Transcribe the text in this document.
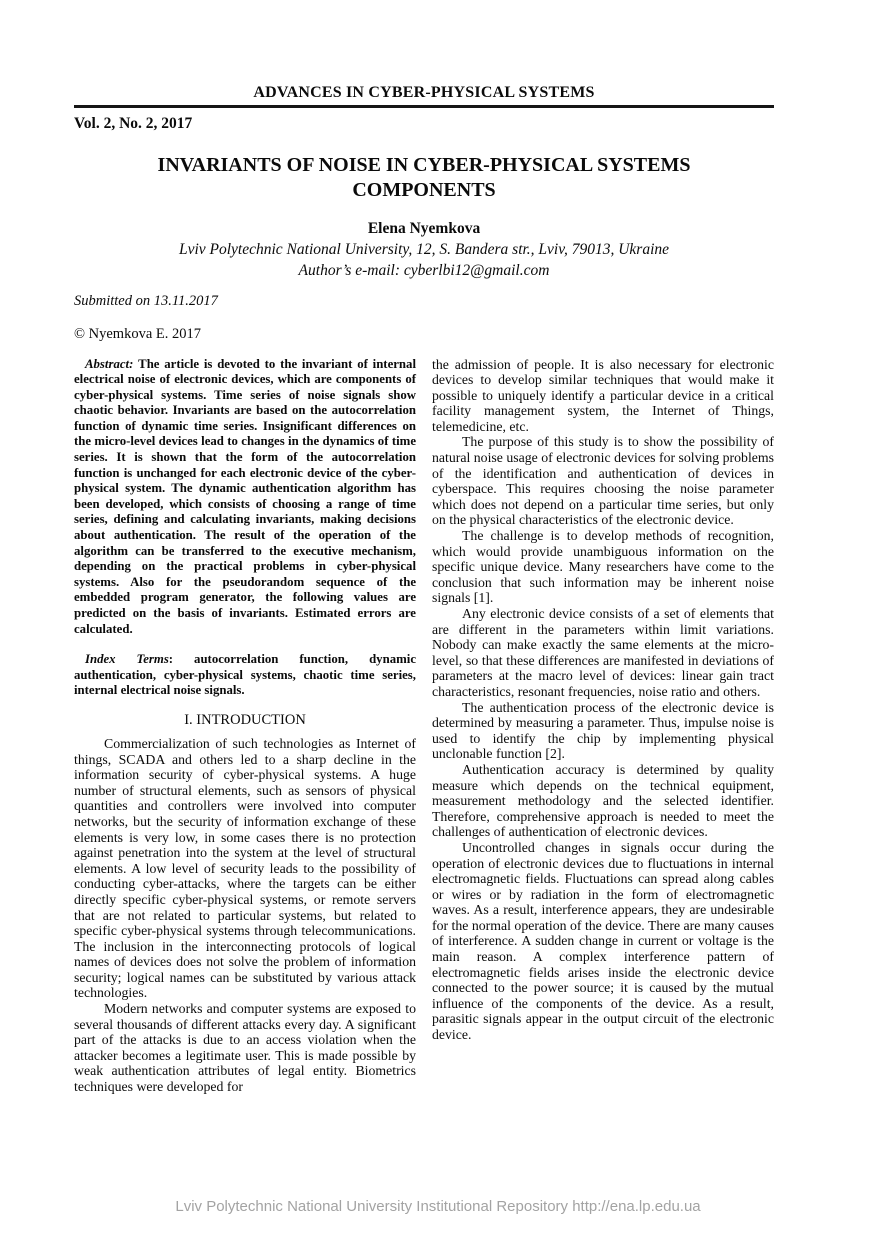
ADVANCES IN CYBER-PHYSICAL SYSTEMS
Vol. 2, No. 2, 2017
INVARIANTS OF NOISE IN CYBER-PHYSICAL SYSTEMS
COMPONENTS
Elena Nyemkova
Lviv Polytechnic National University, 12, S. Bandera str., Lviv, 79013, Ukraine
Author’s e-mail: cyberlbi12@gmail.com
Submitted on 13.11.2017
© Nyemkova E. 2017

Abstract: The article is devoted to the invariant of internal electrical noise of electronic devices, which are components of cyber-physical systems. Time series of noise signals show chaotic behavior. Invariants are based on the autocorrelation function of dynamic time series. Insignificant differences on the micro-level devices lead to changes in the dynamics of time series. It is shown that the form of the autocorrelation function is unchanged for each electronic device of the cyber-physical system. The dynamic authentication algorithm has been developed, which consists of choosing a range of time series, defining and calculating invariants, making decisions about authentication. The result of the operation of the algorithm can be transferred to the executive mechanism, depending on the practical problems in cyber-physical systems. Also for the pseudorandom sequence of the embedded program generator, the following values are predicted on the basis of invariants. Estimated errors are calculated.

Index Terms: autocorrelation function, dynamic authentication, cyber-physical systems, chaotic time series, internal electrical noise signals.

I. INTRODUCTION

Commercialization of such technologies as Internet of things, SCADA and others led to a sharp decline in the information security of cyber-physical systems. A huge number of structural elements, such as sensors of physical quantities and controllers were involved into computer networks, but the security of information exchange of these elements is very low, in some cases there is no protection against penetration into the system at the level of structural elements. A low level of security leads to the possibility of conducting cyber-attacks, where the targets can be either directly specific cyber-physical systems, or remote servers that are not related to particular systems, but related to specific cyber-physical systems through telecommunications. The inclusion in the interconnecting protocols of logical names of devices does not solve the problem of information security; logical names can be substituted by various attack technologies.

Modern networks and computer systems are exposed to several thousands of different attacks every day. A significant part of the attacks is due to an access violation when the attacker becomes a legitimate user. This is made possible by weak authentication attributes of legal entity. Biometrics techniques were developed for

the admission of people. It is also necessary for electronic devices to develop similar techniques that would make it possible to uniquely identify a particular device in a critical facility management system, the Internet of Things, telemedicine, etc.

The purpose of this study is to show the possibility of natural noise usage of electronic devices for solving problems of the identification and authentication of devices in cyberspace. This requires choosing the noise parameter which does not depend on a particular time series, but only on the physical characteristics of the electronic device.

The challenge is to develop methods of recognition, which would provide unambiguous information on the specific unique device. Many researchers have come to the conclusion that such information may be inherent noise signals [1].

Any electronic device consists of a set of elements that are different in the parameters within limit variations. Nobody can make exactly the same elements at the micro-level, so that these differences are manifested in deviations of parameters at the macro level of devices: linear gain tract characteristics, resonant frequencies, noise ratio and others.

The authentication process of the electronic device is determined by measuring a parameter. Thus, impulse noise is used to identify the chip by implementing physical unclonable function [2].

Authentication accuracy is determined by quality measure which depends on the technical equipment, measurement methodology and the selected identifier. Therefore, comprehensive approach is needed to meet the challenges of authentication of electronic devices.

Uncontrolled changes in signals occur during the operation of electronic devices due to fluctuations in internal electromagnetic fields. Fluctuations can spread along cables or wires or by radiation in the form of electromagnetic waves. As a result, interference appears, they are undesirable for the normal operation of the device. There are many causes of interference. A sudden change in current or voltage is the main reason. A complex interference pattern of electromagnetic fields arises inside the electronic device connected to the power source; it is caused by the mutual influence of the components of the device. As a result, parasitic signals appear in the output circuit of the electronic device.

Lviv Polytechnic National University Institutional Repository http://ena.lp.edu.ua
